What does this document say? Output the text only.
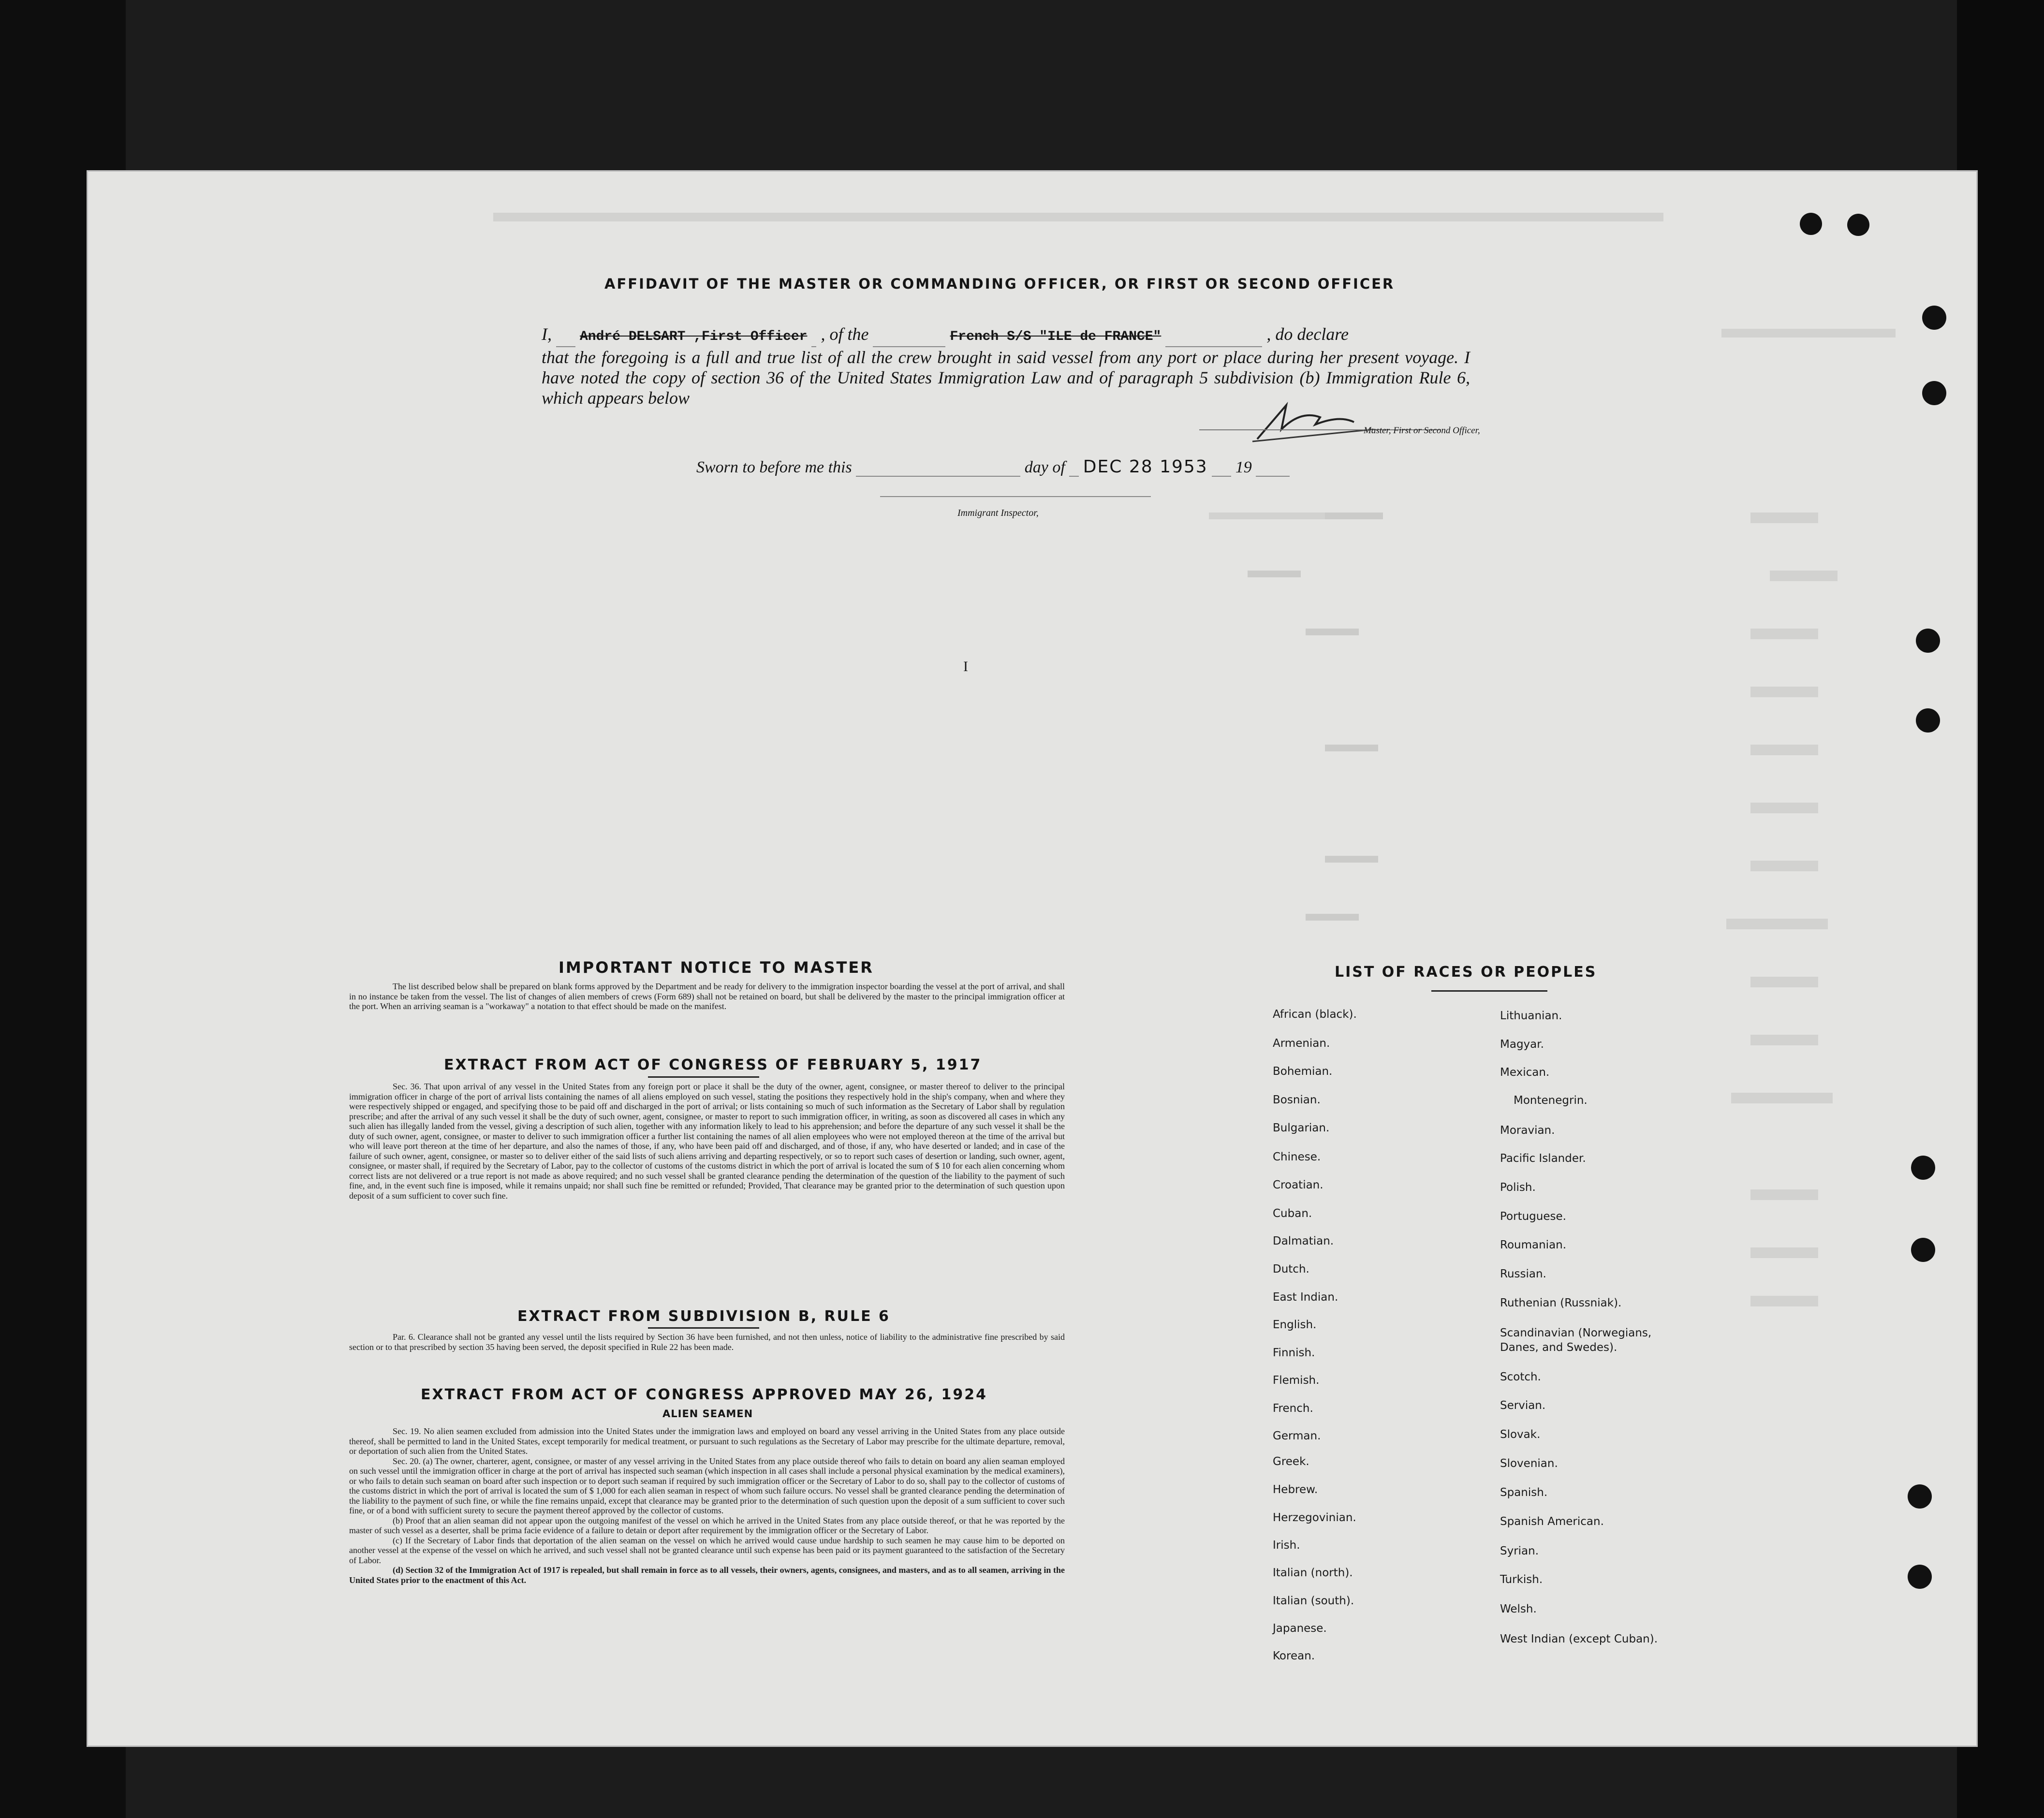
AFFIDAVIT OF THE MASTER OR COMMANDING OFFICER, OR FIRST OR SECOND OFFICER
I, André DELSART ,First Officer , of the	French S/S "ILE de FRANCE"	, do declare
that the foregoing is a full and true list of all the crew brought in said vessel from any port or place during her present voyage. I have noted the copy of section 36 of the United States Immigration Law and of paragraph 5 subdivision (b) Immigration Rule 6, which appears below
Master, First or Second Officer,
Sworn to before me this	day of DEC 28 1953 19
Immigrant Inspector,
I
IMPORTANT NOTICE TO MASTER
The list described below shall be prepared on blank forms approved by the Department and be ready for delivery to the immigration inspector boarding the vessel at the port of arrival, and shall in no instance be taken from the vessel. The list of changes of alien members of crews (Form 689) shall not be retained on board, but shall be delivered by the master to the principal immigration officer at the port. When an arriving seaman is a "workaway" a notation to that effect should be made on the manifest.
EXTRACT FROM ACT OF CONGRESS OF FEBRUARY 5, 1917
Sec. 36. That upon arrival of any vessel in the United States from any foreign port or place it shall be the duty of the owner, agent, consignee, or master thereof to deliver to the principal immigration officer in charge of the port of arrival lists containing the names of all aliens employed on such vessel, stating the positions they respectively hold in the ship's company, when and where they were respectively shipped or engaged, and specifying those to be paid off and discharged in the port of arrival; or lists containing so much of such information as the Secretary of Labor shall by regulation prescribe; and after the arrival of any such vessel it shall be the duty of such owner, agent, consignee, or master to report to such immigration officer, in writing, as soon as discovered all cases in which any such alien has illegally landed from the vessel, giving a description of such alien, together with any information likely to lead to his apprehension; and before the departure of any such vessel it shall be the duty of such owner, agent, consignee, or master to deliver to such immigration officer a further list containing the names of all alien employees who were not employed thereon at the time of the arrival but who will leave port thereon at the time of her departure, and also the names of those, if any, who have been paid off and discharged, and of those, if any, who have deserted or landed; and in case of the failure of such owner, agent, consignee, or master so to deliver either of the said lists of such aliens arriving and departing respectively, or so to report such cases of desertion or landing, such owner, agent, consignee, or master shall, if required by the Secretary of Labor, pay to the collector of customs of the customs district in which the port of arrival is located the sum of $ 10 for each alien concerning whom correct lists are not delivered or a true report is not made as above required; and no such vessel shall be granted clearance pending the determination of the question of the liability to the payment of such fine, and, in the event such fine is imposed, while it remains unpaid; nor shall such fine be remitted or refunded; Provided, That clearance may be granted prior to the determination of such question upon deposit of a sum sufficient to cover such fine.
EXTRACT FROM SUBDIVISION B, RULE 6
Par. 6. Clearance shall not be granted any vessel until the lists required by Section 36 have been furnished, and not then unless, notice of liability to the administrative fine prescribed by said section or to that prescribed by section 35 having been served, the deposit specified in Rule 22 has been made.
EXTRACT FROM ACT OF CONGRESS APPROVED MAY 26, 1924
ALIEN SEAMEN
Sec. 19. No alien seamen excluded from admission into the United States under the immigration laws and employed on board any vessel arriving in the United States from any place outside thereof, shall be permitted to land in the United States, except temporarily for medical treatment, or pursuant to such regulations as the Secretary of Labor may prescribe for the ultimate departure, removal, or deportation of such alien from the United States.
Sec. 20. (a) The owner, charterer, agent, consignee, or master of any vessel arriving in the United States from any place outside thereof who fails to detain on board any alien seaman employed on such vessel until the immigration officer in charge at the port of arrival has inspected such seaman (which inspection in all cases shall include a personal physical examination by the medical examiners), or who fails to detain such seaman on board after such inspection or to deport such seaman if required by such immigration officer or the Secretary of Labor to do so, shall pay to the collector of customs of the customs district in which the port of arrival is located the sum of $ 1,000 for each alien seaman in respect of whom such failure occurs. No vessel shall be granted clearance pending the determination of the liability to the payment of such fine, or while the fine remains unpaid, except that clearance may be granted prior to the determination of such question upon the deposit of a sum sufficient to cover such fine, or of a bond with sufficient surety to secure the payment thereof approved by the collector of customs.
(b) Proof that an alien seaman did not appear upon the outgoing manifest of the vessel on which he arrived in the United States from any place outside thereof, or that he was reported by the master of such vessel as a deserter, shall be prima facie evidence of a failure to detain or deport after requirement by the immigration officer or the Secretary of Labor.
(c) If the Secretary of Labor finds that deportation of the alien seaman on the vessel on which he arrived would cause undue hardship to such seamen he may cause him to be deported on another vessel at the expense of the vessel on which he arrived, and such vessel shall not be granted clearance until such expense has been paid or its payment guaranteed to the satisfaction of the Secretary of Labor.
(d) Section 32 of the Immigration Act of 1917 is repealed, but shall remain in force as to all vessels, their owners, agents, consignees, and masters, and as to all seamen, arriving in the United States prior to the enactment of this Act.
LIST OF RACES OR PEOPLES
African (black).
Armenian.
Bohemian.
Bosnian.
Bulgarian.
Chinese.
Croatian.
Cuban.
Dalmatian.
Dutch.
East Indian.
English.
Finnish.
Flemish.
French.
German.
Greek.
Hebrew.
Herzegovinian.
Irish.
Italian (north).
Italian (south).
Japanese.
Korean.
Lithuanian.
Magyar.
Mexican.
Montenegrin.
Moravian.
Pacific Islander.
Polish.
Portuguese.
Roumanian.
Russian.
Ruthenian (Russniak).
Scandinavian (Norwegians, Danes, and Swedes).
Scotch.
Servian.
Slovak.
Slovenian.
Spanish.
Spanish American.
Syrian.
Turkish.
Welsh.
West Indian (except Cuban).
